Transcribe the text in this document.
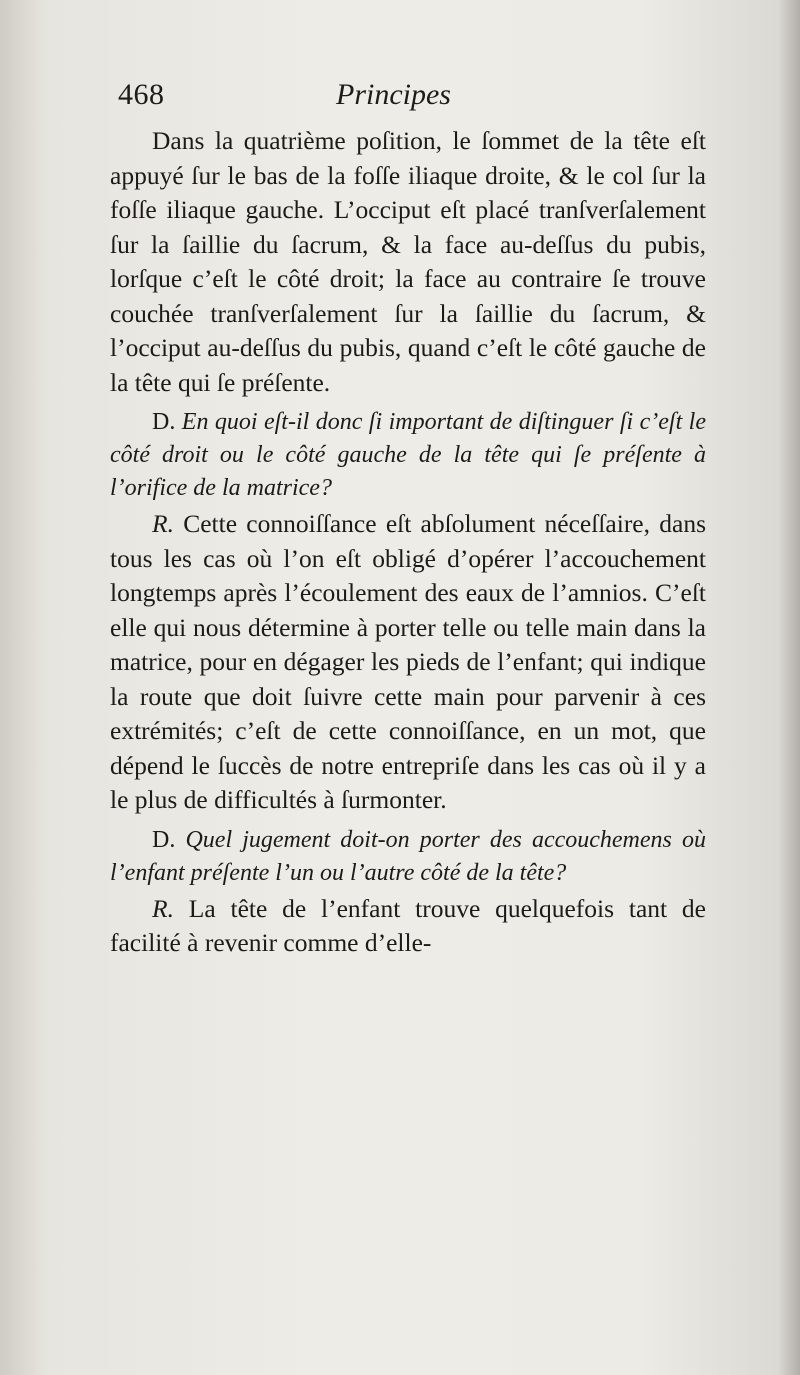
468	Principes

Dans la quatrième poſition, le ſommet de la tête eſt appuyé ſur le bas de la foſſe iliaque droite, & le col ſur la foſſe iliaque gauche. L’occiput eſt placé tranſverſalement ſur la ſaillie du ſacrum, & la face au-deſſus du pubis, lorſque c’eſt le côté droit; la face au contraire ſe trouve couchée tranſverſalement ſur la ſaillie du ſacrum, & l’occiput au-deſſus du pubis, quand c’eſt le côté gauche de la tête qui ſe préſente.

D. En quoi eſt-il donc ſi important de diſtinguer ſi c’eſt le côté droit ou le côté gauche de la tête qui ſe préſente à l’orifice de la matrice?

R. Cette connoiſſance eſt abſolument néceſſaire, dans tous les cas où l’on eſt obligé d’opérer l’accouchement longtemps après l’écoulement des eaux de l’amnios. C’eſt elle qui nous détermine à porter telle ou telle main dans la matrice, pour en dégager les pieds de l’enfant; qui indique la route que doit ſuivre cette main pour parvenir à ces extrémités; c’eſt de cette connoiſſance, en un mot, que dépend le ſuccès de notre entrepriſe dans les cas où il y a le plus de difficultés à ſurmonter.

D. Quel jugement doit-on porter des accouchemens où l’enfant préſente l’un ou l’autre côté de la tête?

R. La tête de l’enfant trouve quelquefois tant de facilité à revenir comme d’elle-
